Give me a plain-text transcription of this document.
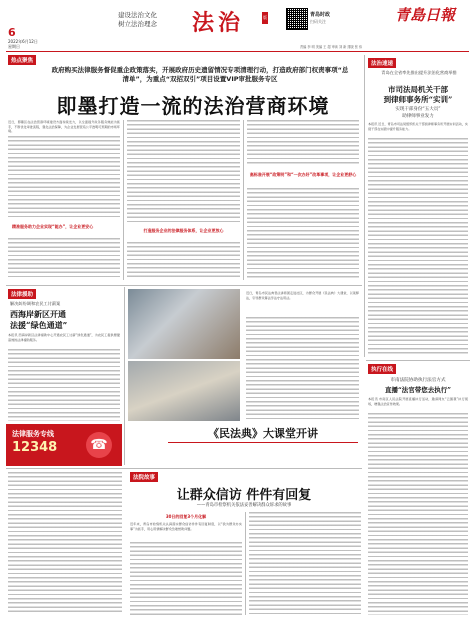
6
2022年6月12日
星期日
建设法治文化
树立法治理念 法治	版	青岛时政
扫码关注	青島日報
责编 李 明 美编 王 超 审读 刘 新 排版 张 伟
热点聚焦
政府购买法律服务督促重企政策落实，开展政府历史遗留情况专项清理行动，打造政府部门权责事项“总清单”，为重点“双招双引”项目设置VIP审批服务专区
即墨打造一流的法治营商环境
近日，即墨区在法治营商环境建设方面持续发力，以全面提升政务服务效能为抓手，不断优化审批流程，强化法治保障，为企业发展营造公平透明可预期的市场环境。
精准服务助力企业实现“能办”，让企业更安心
打造服务企业的法律服务体系，让企业更放心
高标准开展“政策明”和“一次办好”改革事项，让企业更舒心
法治速递
青岛在全省率先推出提升法治化营商举措
市司法局机关干部
到律师事务所“实训”
实现干部身份“五大员”
助律师事业发力
本报讯 近日，青岛市司法局组织机关干部到律师事务所开展实训活动，实现干部在实践中提升服务能力。
法律援助
解决纠纷调和农民工讨薪案
西海岸新区开通
法援“绿色通道”
本报讯 西海岸新区法律援助中心开通农民工讨薪“绿色通道”，为农民工提供便捷高效的法律援助服务。
法律服务专线
12348	☎
近日，青岛市民法典普法讲师团走进社区，为群众开展《民法典》大课堂，以案释法，引导群众尊法学法守法用法。
《民法典》大课堂开讲
法院故事
让群众信访 件件有回复
——青岛市检察机关依法妥善解决群众诉求的故事
30日的回复3个月化解
近年来，青岛市检察机关认真落实群众信访件件有回复制度，以“我为群众办实事”为抓手，用心用情解决群众急难愁盼问题。
执行在线
市南法院协助执行法官方式
直播“法官带您去执行”
本报讯 市南区人民法院开展直播执行活动，邀请网友“云围观”执行现场，增强法治宣传效果。
